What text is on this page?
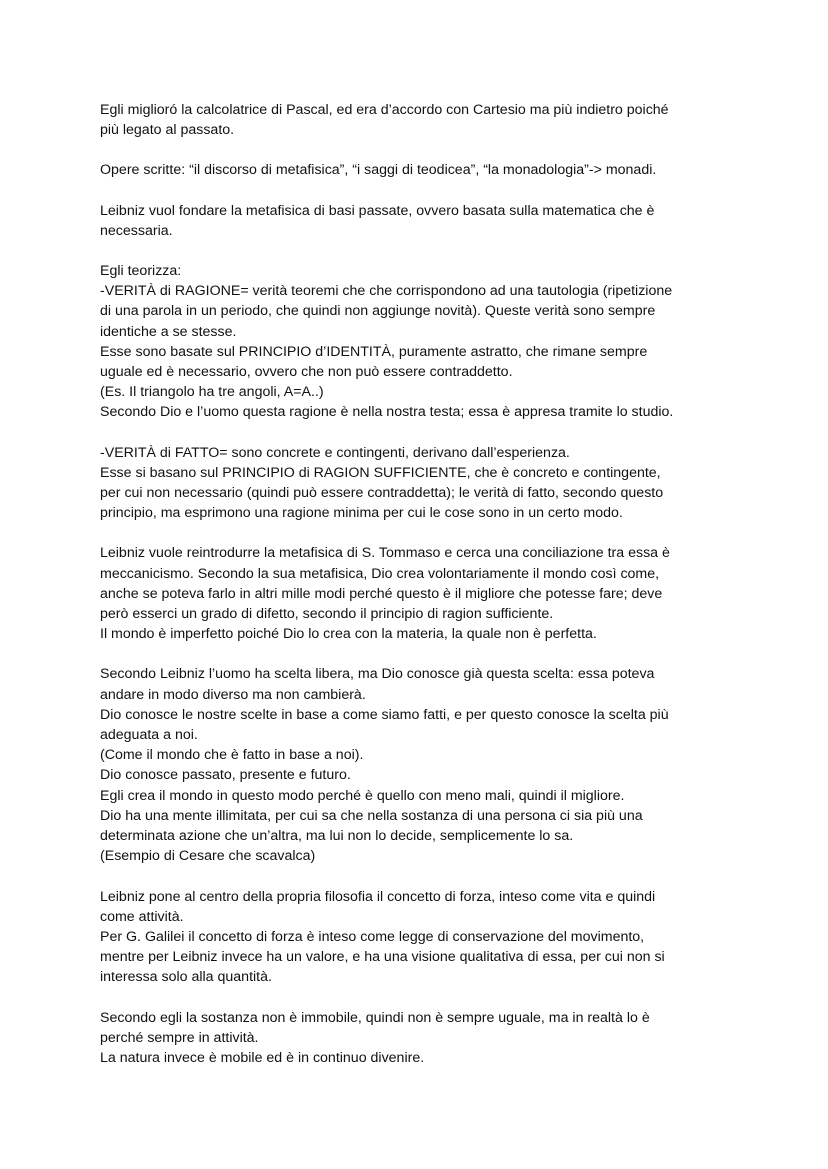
Egli miglioró la calcolatrice di Pascal, ed era d’accordo con Cartesio ma più indietro poiché
più legato al passato.
Opere scritte: “il discorso di metafisica”, “i saggi di teodicea”, “la monadologia”-> monadi.
Leibniz vuol fondare la metafisica di basi passate, ovvero basata sulla matematica che è
necessaria.
Egli teorizza:
-VERITÀ di RAGIONE= verità teoremi che che corrispondono ad una tautologia (ripetizione
di una parola in un periodo, che quindi non aggiunge novità). Queste verità sono sempre
identiche a se stesse.
Esse sono basate sul PRINCIPIO d’IDENTITÀ, puramente astratto, che rimane sempre
uguale ed è necessario, ovvero che non può essere contraddetto.
(Es. Il triangolo ha tre angoli, A=A..)
Secondo Dio e l’uomo questa ragione è nella nostra testa; essa è appresa tramite lo studio.
-VERITÀ di FATTO= sono concrete e contingenti, derivano dall’esperienza.
Esse si basano sul PRINCIPIO di RAGION SUFFICIENTE, che è concreto e contingente,
per cui non necessario (quindi può essere contraddetta); le verità di fatto, secondo questo
principio, ma esprimono una ragione minima per cui le cose sono in un certo modo.
Leibniz vuole reintrodurre la metafisica di S. Tommaso e cerca una conciliazione tra essa è
meccanicismo. Secondo la sua metafisica, Dio crea volontariamente il mondo così come,
anche se poteva farlo in altri mille modi perché questo è il migliore che potesse fare; deve
però esserci un grado di difetto, secondo il principio di ragion sufficiente.
Il mondo è imperfetto poiché Dio lo crea con la materia, la quale non è perfetta.
Secondo Leibniz l’uomo ha scelta libera, ma Dio conosce già questa scelta: essa poteva
andare in modo diverso ma non cambierà.
Dio conosce le nostre scelte in base a come siamo fatti, e per questo conosce la scelta più
adeguata a noi.
(Come il mondo che è fatto in base a noi).
Dio conosce passato, presente e futuro.
Egli crea il mondo in questo modo perché è quello con meno mali, quindi il migliore.
Dio ha una mente illimitata, per cui sa che nella sostanza di una persona ci sia più una
determinata azione che un’altra, ma lui non lo decide, semplicemente lo sa.
(Esempio di Cesare che scavalca)
Leibniz pone al centro della propria filosofia il concetto di forza, inteso come vita e quindi
come attività.
Per G. Galilei il concetto di forza è inteso come legge di conservazione del movimento,
mentre per Leibniz invece ha un valore, e ha una visione qualitativa di essa, per cui non si
interessa solo alla quantità.
Secondo egli la sostanza non è immobile, quindi non è sempre uguale, ma in realtà lo è
perché sempre in attività.
La natura invece è mobile ed è in continuo divenire.
